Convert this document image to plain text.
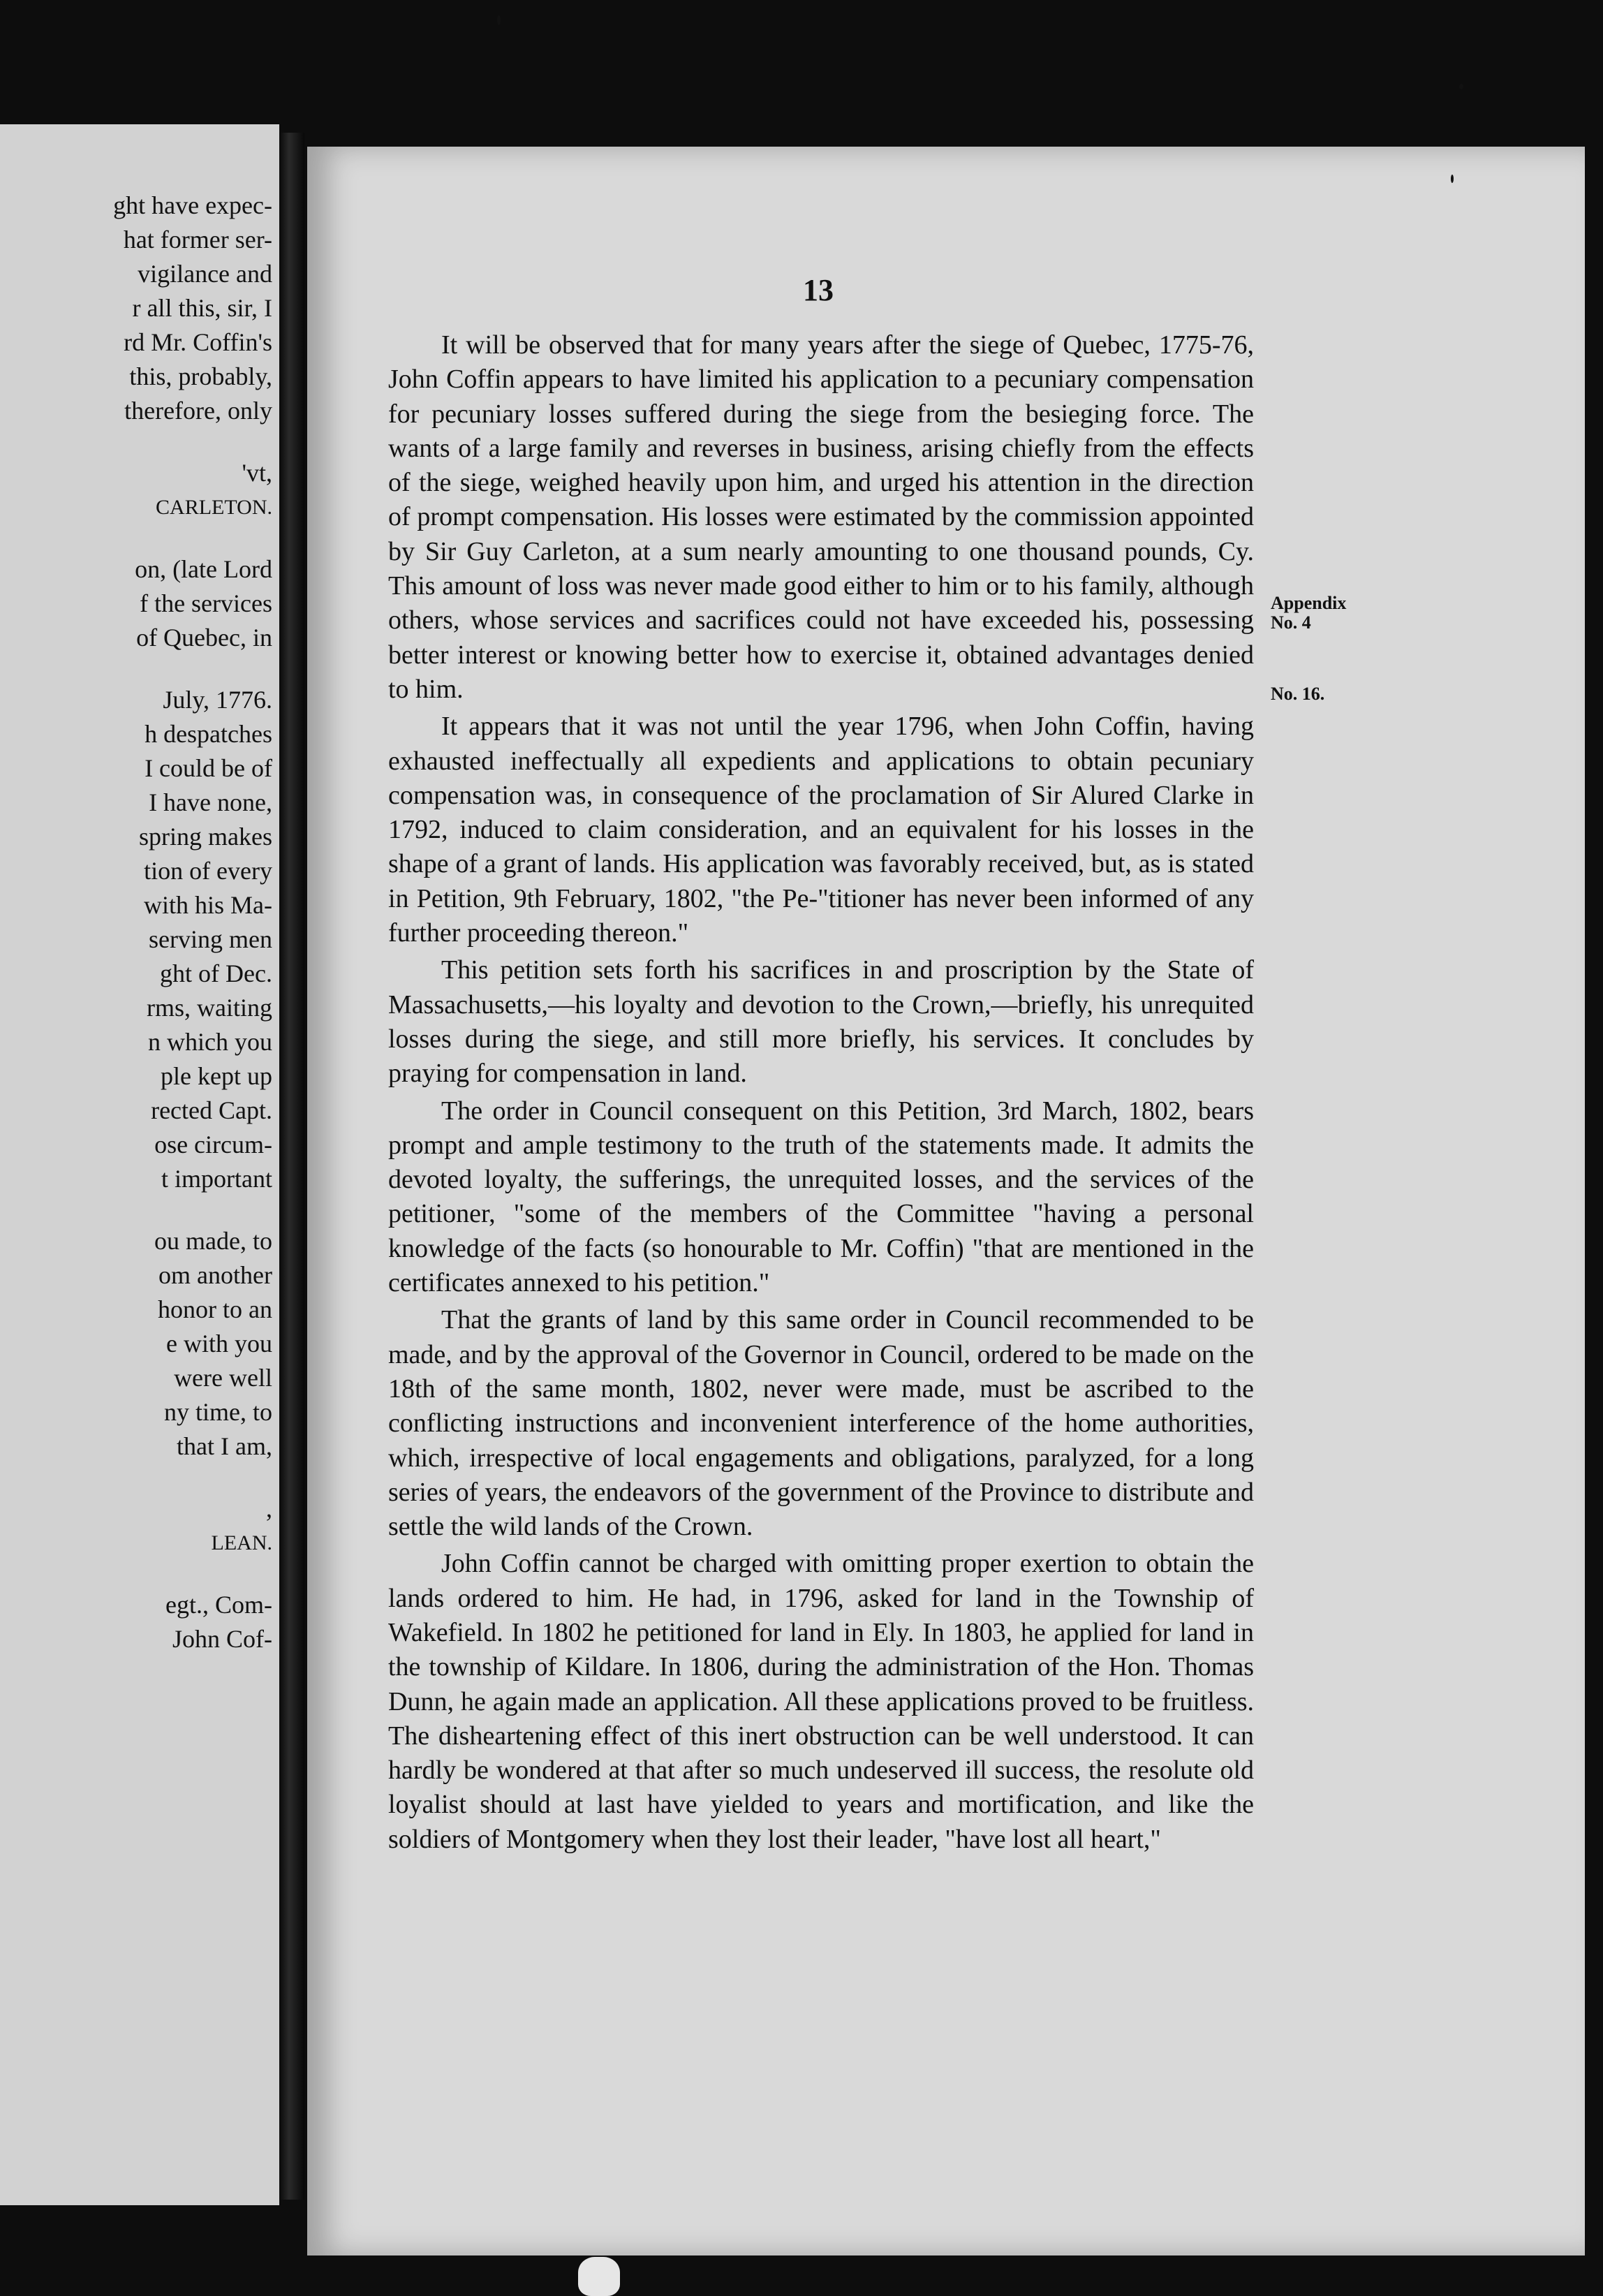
ght have expec-
hat former ser-
vigilance and
r all this, sir, I
rd Mr. Coffin's
this, probably,
therefore, only
'vt,
CARLETON.
on, (late Lord
f the services
of Quebec, in
July, 1776.
h despatches
I could be of
I have none,
spring makes
tion of every
with his Ma-
serving men
ght of Dec.
rms, waiting
n which you
ple kept up
rected Capt.
ose circum-
t important
ou made, to
om another
honor to an
e with you
were well
ny time, to
that I am,
,
LEAN.
egt., Com-
John Cof-
13

It will be observed that for many years after the siege of Quebec, 1775-76, John Coffin appears to have limited his application to a pecuniary compensation for pecuniary losses suffered during the siege from the besieging force. The wants of a large family and reverses in business, arising chiefly from the effects of the siege, weighed heavily upon him, and urged his attention in the direction of prompt compensation. His losses were estimated by the commission appointed by Sir Guy Carleton, at a sum nearly amounting to one thousand pounds, Cy. This amount of loss was never made good either to him or to his family, although others, whose services and sacrifices could not have exceeded his, possessing better interest or knowing better how to exercise it, obtained advantages denied to him.

It appears that it was not until the year 1796, when John Coffin, having exhausted ineffectually all expedients and applications to obtain pecuniary compensation was, in consequence of the proclamation of Sir Alured Clarke in 1792, induced to claim consideration, and an equivalent for his losses in the shape of a grant of lands. His application was favorably received, but, as is stated in Petition, 9th February, 1802, "the Pe-"titioner has never been informed of any further proceeding thereon."

This petition sets forth his sacrifices in and proscription by the State of Massachusetts,—his loyalty and devotion to the Crown,—briefly, his unrequited losses during the siege, and still more briefly, his services. It concludes by praying for compensation in land.

The order in Council consequent on this Petition, 3rd March, 1802, bears prompt and ample testimony to the truth of the statements made. It admits the devoted loyalty, the sufferings, the unrequited losses, and the services of the petitioner, "some of the members of the Committee "having a personal knowledge of the facts (so honourable to Mr. Coffin) "that are mentioned in the certificates annexed to his petition."

That the grants of land by this same order in Council recommended to be made, and by the approval of the Governor in Council, ordered to be made on the 18th of the same month, 1802, never were made, must be ascribed to the conflicting instructions and inconvenient interference of the home authorities, which, irrespective of local engagements and obligations, paralyzed, for a long series of years, the endeavors of the government of the Province to distribute and settle the wild lands of the Crown.

John Coffin cannot be charged with omitting proper exertion to obtain the lands ordered to him. He had, in 1796, asked for land in the Township of Wakefield. In 1802 he petitioned for land in Ely. In 1803, he applied for land in the township of Kildare. In 1806, during the administration of the Hon. Thomas Dunn, he again made an application. All these applications proved to be fruitless. The disheartening effect of this inert obstruction can be well understood. It can hardly be wondered at that after so much undeserved ill success, the resolute old loyalist should at last have yielded to years and mortification, and like the soldiers of Montgomery when they lost their leader, "have lost all heart,"

Appendix
No. 4
No. 16.
